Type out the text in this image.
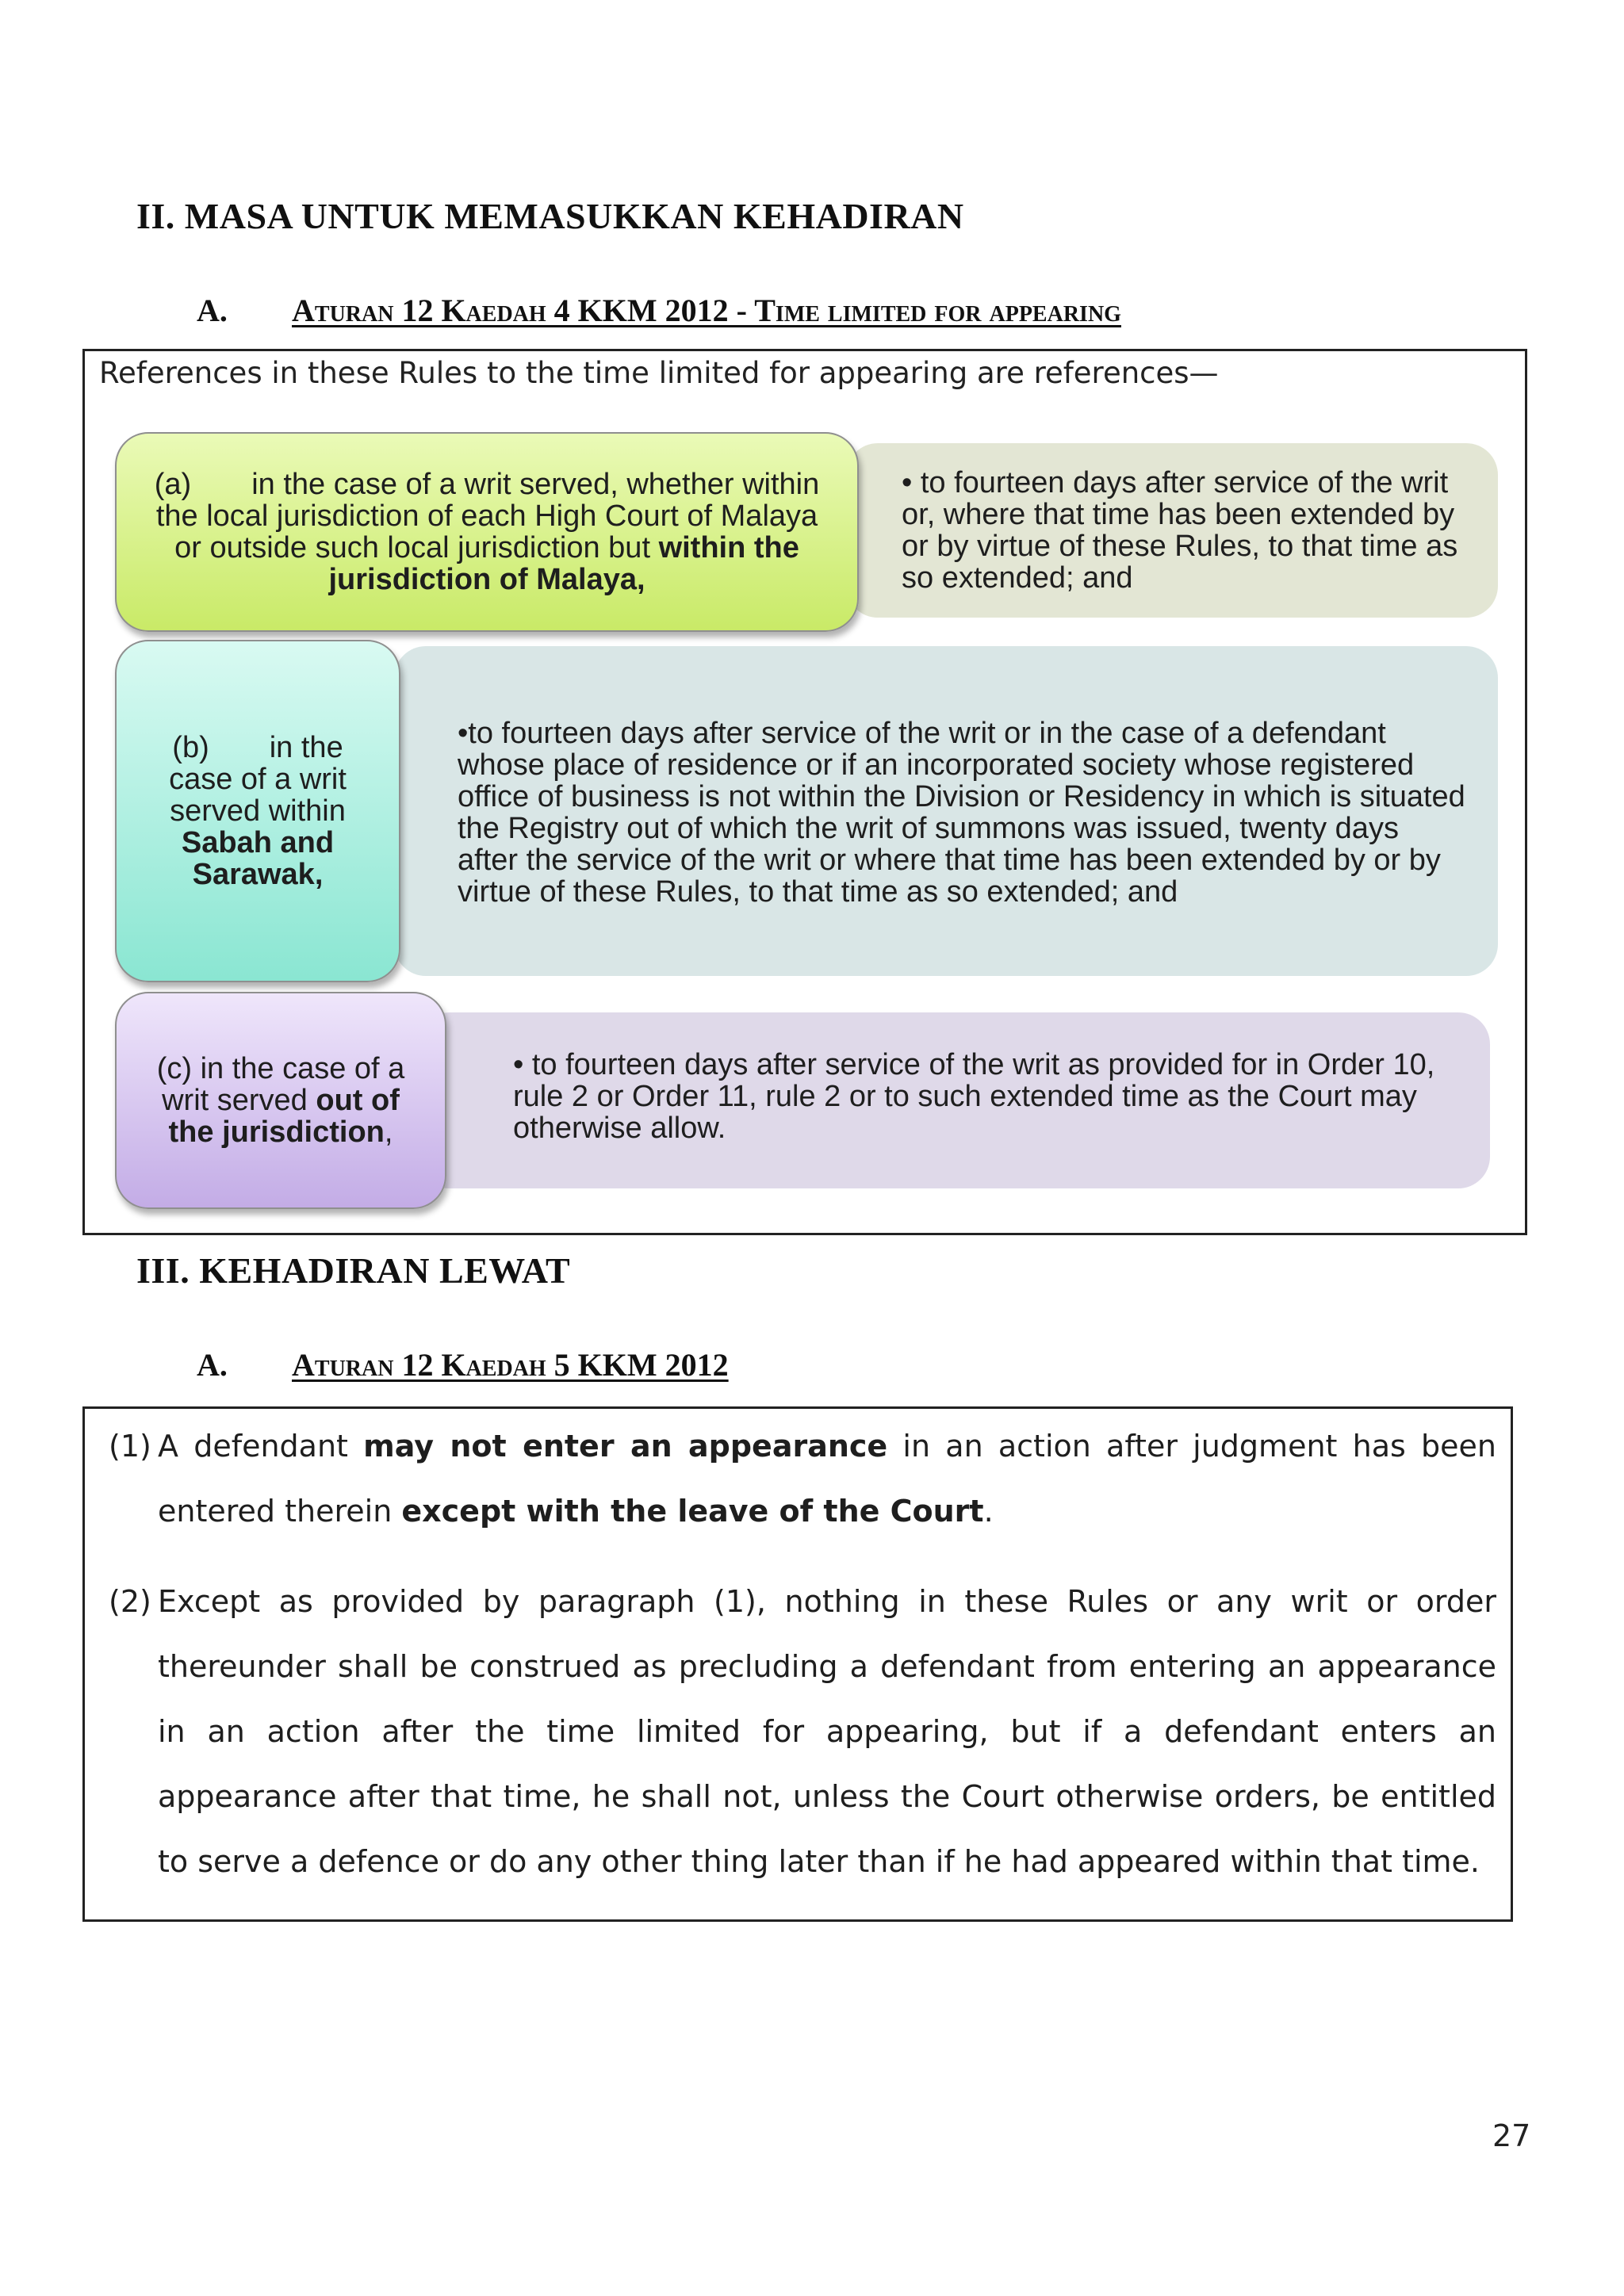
II. MASA UNTUK MEMASUKKAN KEHADIRAN
A. Aturan 12 Kaedah 4 KKM 2012 - Time limited for appearing
References in these Rules to the time limited for appearing are references—
• to fourteen days after service of the writ or, where that time has been extended by or by virtue of these Rules, to that time as so extended; and
(a)  in the case of a writ served, whether within the local jurisdiction of each High Court of Malaya or outside such local jurisdiction but within the jurisdiction of Malaya,
•to fourteen days after service of the writ or in the case of a defendant whose place of residence or if an incorporated society whose registered office of business is not within the Division or Residency in which is situated the Registry out of which the writ of summons was issued, twenty days after the service of the writ or where that time has been extended by or by virtue of these Rules, to that time as so extended; and
(b)  in the case of a writ served within
Sabah and Sarawak,
• to fourteen days after service of the writ as provided for in Order 10, rule 2 or Order 11, rule 2 or to such extended time as the Court may otherwise allow.
(c) in the case of a writ served out of the jurisdiction,
III. KEHADIRAN LEWAT
A. Aturan 12 Kaedah 5 KKM 2012
(1) A defendant may not enter an appearance in an action after judgment has been entered therein except with the leave of the Court.
(2) Except as provided by paragraph (1), nothing in these Rules or any writ or order thereunder shall be construed as precluding a defendant from entering an appearance in an action after the time limited for appearing, but if a defendant enters an appearance after that time, he shall not, unless the Court otherwise orders, be entitled to serve a defence or do any other thing later than if he had appeared within that time.
27
